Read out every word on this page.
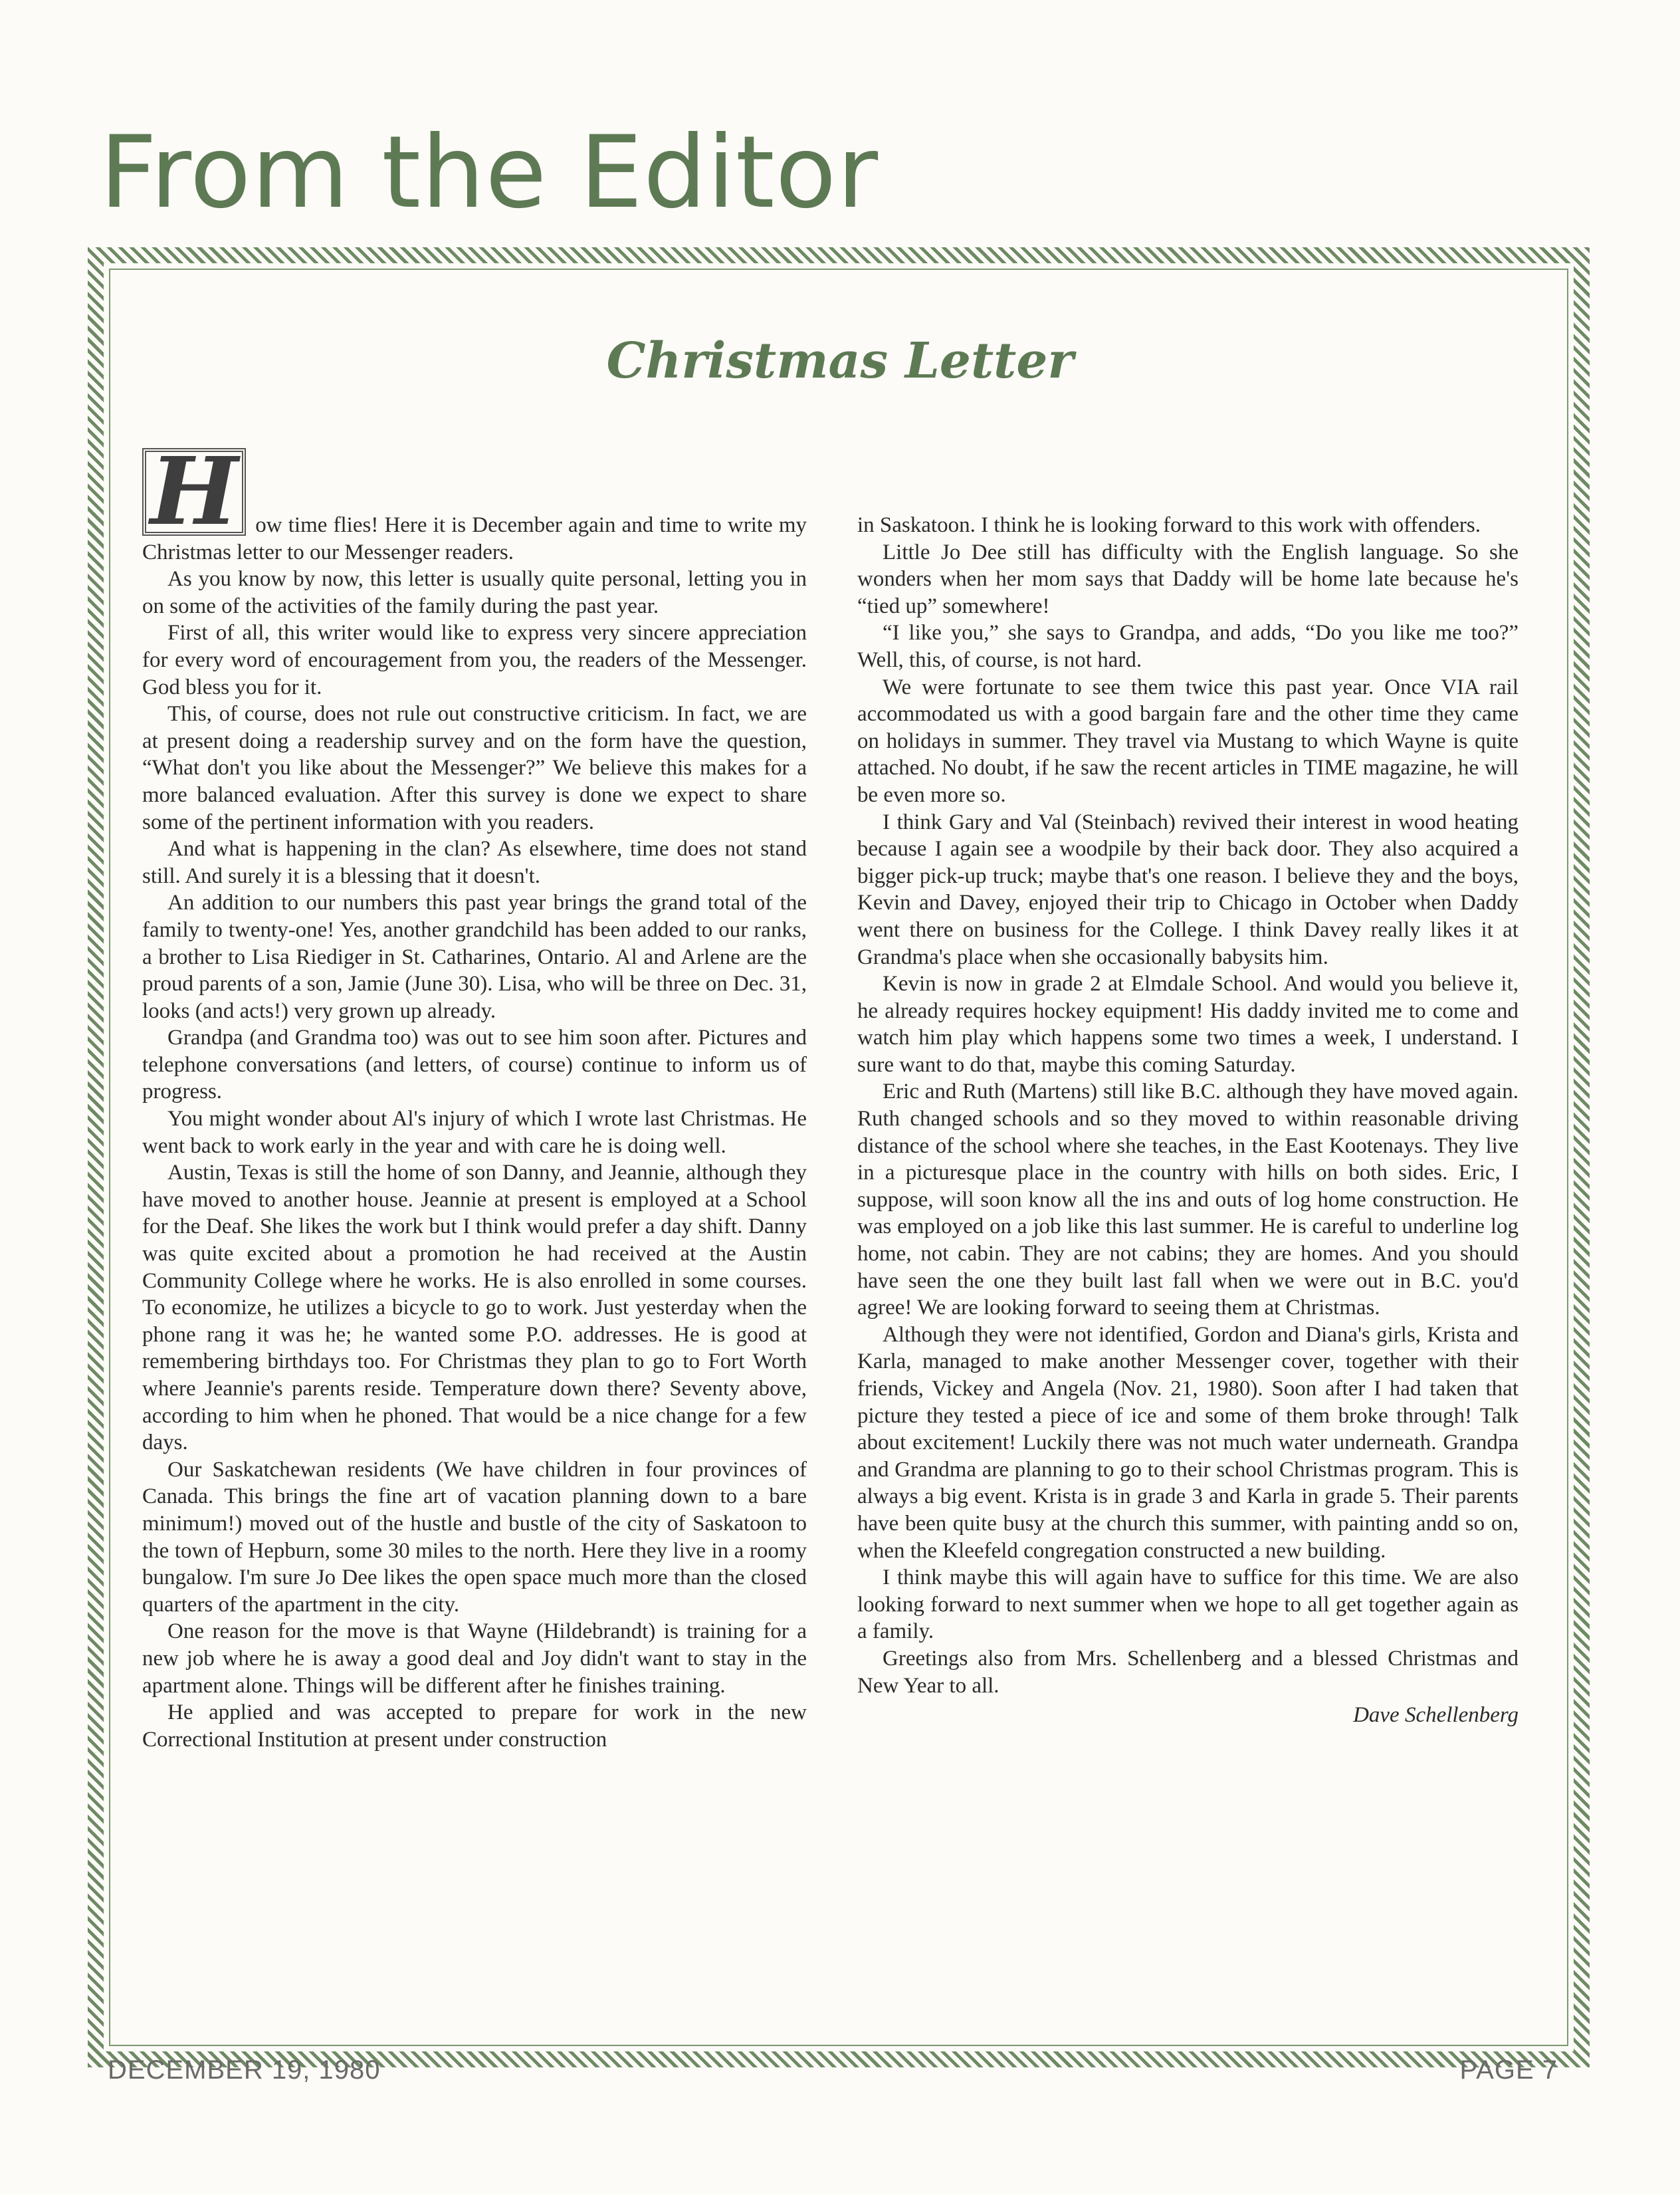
From the Editor
Christmas Letter

H ow time flies! Here it is December again and time to write my Christmas letter to our Messenger readers.

As you know by now, this letter is usually quite personal, letting you in on some of the activities of the family during the past year.

First of all, this writer would like to express very sincere appreciation for every word of encouragement from you, the readers of the Messenger. God bless you for it.

This, of course, does not rule out constructive criticism. In fact, we are at present doing a readership survey and on the form have the question, “What don't you like about the Messenger?” We believe this makes for a more balanced evaluation. After this survey is done we expect to share some of the pertinent information with you readers.

And what is happening in the clan? As elsewhere, time does not stand still. And surely it is a blessing that it doesn't.

An addition to our numbers this past year brings the grand total of the family to twenty-one! Yes, another grandchild has been added to our ranks, a brother to Lisa Riediger in St. Catharines, Ontario. Al and Arlene are the proud parents of a son, Jamie (June 30). Lisa, who will be three on Dec. 31, looks (and acts!) very grown up already.

Grandpa (and Grandma too) was out to see him soon after. Pictures and telephone conversations (and letters, of course) continue to inform us of progress.

You might wonder about Al's injury of which I wrote last Christmas. He went back to work early in the year and with care he is doing well.

Austin, Texas is still the home of son Danny, and Jeannie, although they have moved to another house. Jeannie at present is employed at a School for the Deaf. She likes the work but I think would prefer a day shift. Danny was quite excited about a promotion he had received at the Austin Community College where he works. He is also enrolled in some courses. To economize, he utilizes a bicycle to go to work. Just yesterday when the phone rang it was he; he wanted some P.O. addresses. He is good at remembering birthdays too. For Christmas they plan to go to Fort Worth where Jeannie's parents reside. Temperature down there? Seventy above, according to him when he phoned. That would be a nice change for a few days.

Our Saskatchewan residents (We have children in four provinces of Canada. This brings the fine art of vacation planning down to a bare minimum!) moved out of the hustle and bustle of the city of Saskatoon to the town of Hepburn, some 30 miles to the north. Here they live in a roomy bungalow. I'm sure Jo Dee likes the open space much more than the closed quarters of the apartment in the city.

One reason for the move is that Wayne (Hildebrandt) is training for a new job where he is away a good deal and Joy didn't want to stay in the apartment alone. Things will be different after he finishes training.

He applied and was accepted to prepare for work in the new Correctional Institution at present under construction

in Saskatoon. I think he is looking forward to this work with offenders.

Little Jo Dee still has difficulty with the English language. So she wonders when her mom says that Daddy will be home late because he's “tied up” somewhere!

“I like you,” she says to Grandpa, and adds, “Do you like me too?” Well, this, of course, is not hard.

We were fortunate to see them twice this past year. Once VIA rail accommodated us with a good bargain fare and the other time they came on holidays in summer. They travel via Mustang to which Wayne is quite attached. No doubt, if he saw the recent articles in TIME magazine, he will be even more so.

I think Gary and Val (Steinbach) revived their interest in wood heating because I again see a woodpile by their back door. They also acquired a bigger pick-up truck; maybe that's one reason. I believe they and the boys, Kevin and Davey, enjoyed their trip to Chicago in October when Daddy went there on business for the College. I think Davey really likes it at Grandma's place when she occasionally babysits him.

Kevin is now in grade 2 at Elmdale School. And would you believe it, he already requires hockey equipment! His daddy invited me to come and watch him play which happens some two times a week, I understand. I sure want to do that, maybe this coming Saturday.

Eric and Ruth (Martens) still like B.C. although they have moved again. Ruth changed schools and so they moved to within reasonable driving distance of the school where she teaches, in the East Kootenays. They live in a picturesque place in the country with hills on both sides. Eric, I suppose, will soon know all the ins and outs of log home construction. He was employed on a job like this last summer. He is careful to underline log home, not cabin. They are not cabins; they are homes. And you should have seen the one they built last fall when we were out in B.C. you'd agree! We are looking forward to seeing them at Christmas.

Although they were not identified, Gordon and Diana's girls, Krista and Karla, managed to make another Messenger cover, together with their friends, Vickey and Angela (Nov. 21, 1980). Soon after I had taken that picture they tested a piece of ice and some of them broke through! Talk about excitement! Luckily there was not much water underneath. Grandpa and Grandma are planning to go to their school Christmas program. This is always a big event. Krista is in grade 3 and Karla in grade 5. Their parents have been quite busy at the church this summer, with painting andd so on, when the Kleefeld congregation constructed a new building.

I think maybe this will again have to suffice for this time. We are also looking forward to next summer when we hope to all get together again as a family.

Greetings also from Mrs. Schellenberg and a blessed Christmas and New Year to all.

Dave Schellenberg
DECEMBER 19, 1980	PAGE 7
